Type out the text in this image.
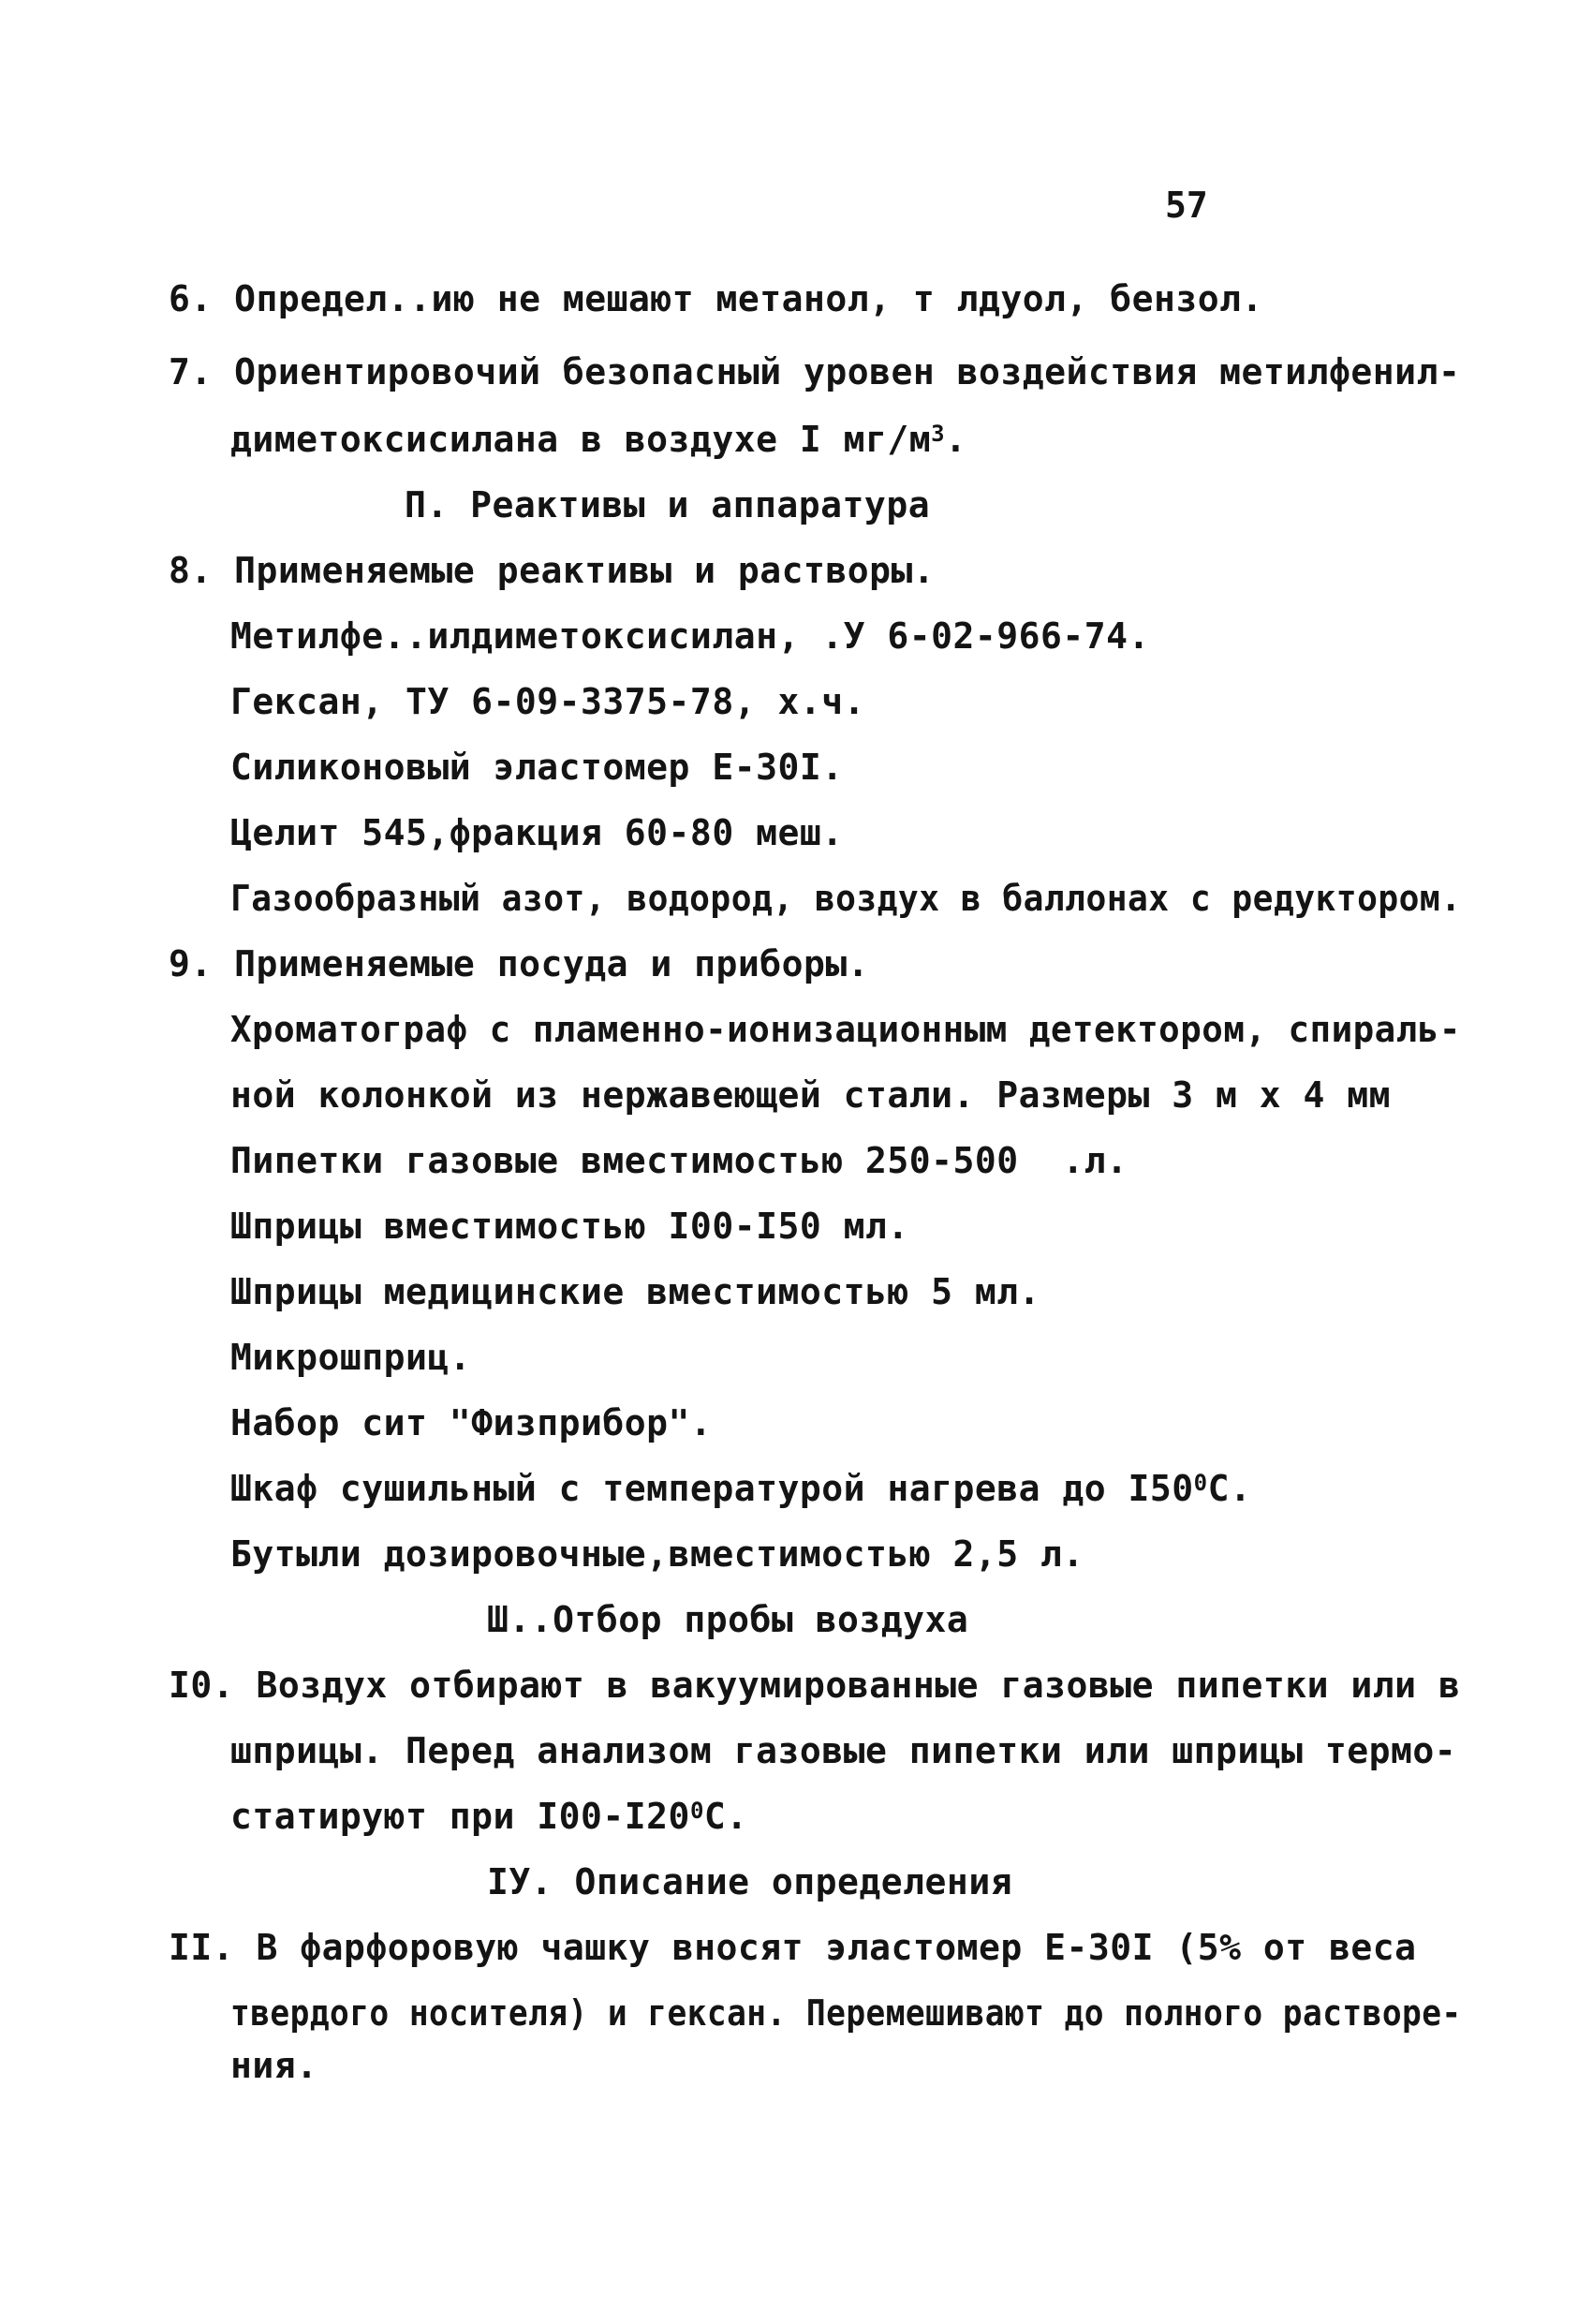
57
6. Определ..ию не мешают метанол, т лдуол, бензол.
7. Ориентировочий безопасный уровен воздействия метилфенил-
диметоксисилана в воздухе I $мг/м^3$.
П. Реактивы и аппаратура
8. Применяемые реактивы и растворы.
Метилфе..илдиметоксисилан, .У 6-02-966-74.
Гексан, ТУ 6-09-3375-78, х.ч.
Силиконовый эластомер Е-30I.
Целит 545,фракция 60-80 меш.
Газообразный азот, водород, воздух в баллонах с редуктором.
9. Применяемые посуда и приборы.
Хроматограф с пламенно-ионизационным детектором, спираль-
ной колонкой из нержавеющей стали. Размеры 3 м х 4 мм
Пипетки газовые вместимостью 250-500  .л.
Шприцы вместимостью I00-I50 мл.
Шприцы медицинские вместимостью 5 мл.
Микрошприц.
Набор сит "Физприбор".
Шкаф сушильный с температурой нагрева до $I50^0С$.
Бутыли дозировочные,вместимостью 2,5 л.
Ш..Отбор пробы воздуха
I0. Воздух отбирают в вакуумированные газовые пипетки или в
шприцы. Перед анализом газовые пипетки или шприцы термо-
статируют при $I00-I20^0С$.
IУ. Описание определения
II. В фарфоровую чашку вносят эластомер Е-30I (5% от веса
твердого носителя) и гексан. Перемешивают до полного растворе-
ния.
